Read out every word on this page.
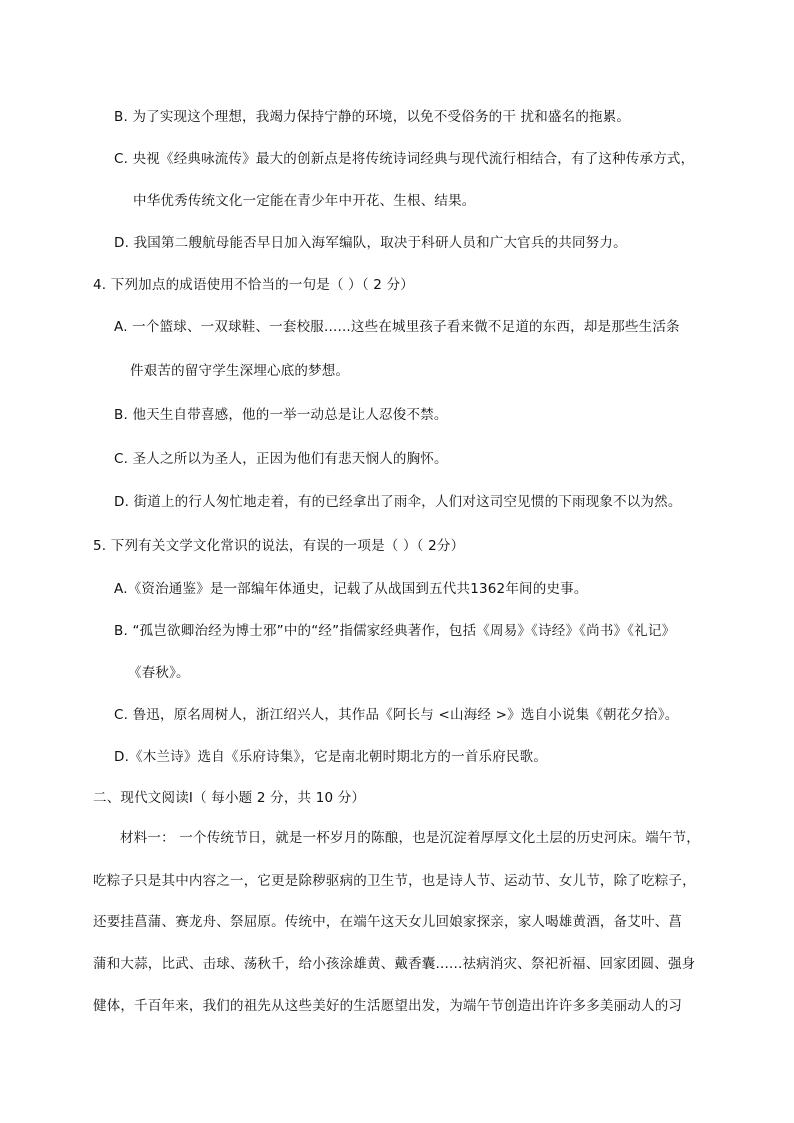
B. 为了实现这个理想，我竭力保持宁静的环境，以免不受俗务的干 扰和盛名的拖累。
C. 央视《经典咏流传》最大的创新点是将传统诗词经典与现代流行相结合，有了这种传承方式，
中华优秀传统文化一定能在青少年中开花、生根、结果。
D. 我国第二艘航母能否早日加入海军编队，取决于科研人员和广大官兵的共同努力。
4. 下列加点的成语使用不恰当的一句是（ ）（ 2 分）
A. 一个篮球、一双球鞋、一套校服......这些在城里孩子看来微不足道的东西，却是那些生活条
件艰苦的留守学生深埋心底的梦想。
B. 他天生自带喜感，他的一举一动总是让人忍俊不禁。
C. 圣人之所以为圣人，正因为他们有悲天悯人的胸怀。
D. 街道上的行人匆忙地走着，有的已经拿出了雨伞，人们对这司空见惯的下雨现象不以为然。
5. 下列有关文学文化常识的说法，有误的一项是（ ）（ 2分）
A.《资治通鉴》是一部编年体通史，记载了从战国到五代共1362年间的史事。
B. “孤岂欲卿治经为博士邪”中的“经”指儒家经典著作，包括《周易》《诗经》《尚书》《礼记》
《春秋》。
C. 鲁迅，原名周树人，浙江绍兴人，其作品《阿长与 <山海经 >》选自小说集《朝花夕拾》。
D.《木兰诗》选自《乐府诗集》，它是南北朝时期北方的一首乐府民歌。
二、现代文阅读Ⅰ（ 每小题 2 分，共 10 分）
材料一： 一个传统节日，就是一杯岁月的陈酿，也是沉淀着厚厚文化土层的历史河床。端午节，
吃粽子只是其中内容之一，它更是除秽驱病的卫生节，也是诗人节、运动节、女儿节，除了吃粽子，
还要挂菖蒲、赛龙舟、祭屈原。传统中，在端午这天女儿回娘家探亲，家人喝雄黄酒，备艾叶、菖
蒲和大蒜，比武、击球、荡秋千，给小孩涂雄黄、戴香囊......祛病消灾、祭祀祈福、回家团圆、强身
健体，千百年来，我们的祖先从这些美好的生活愿望出发，为端午节创造出许许多多美丽动人的习
